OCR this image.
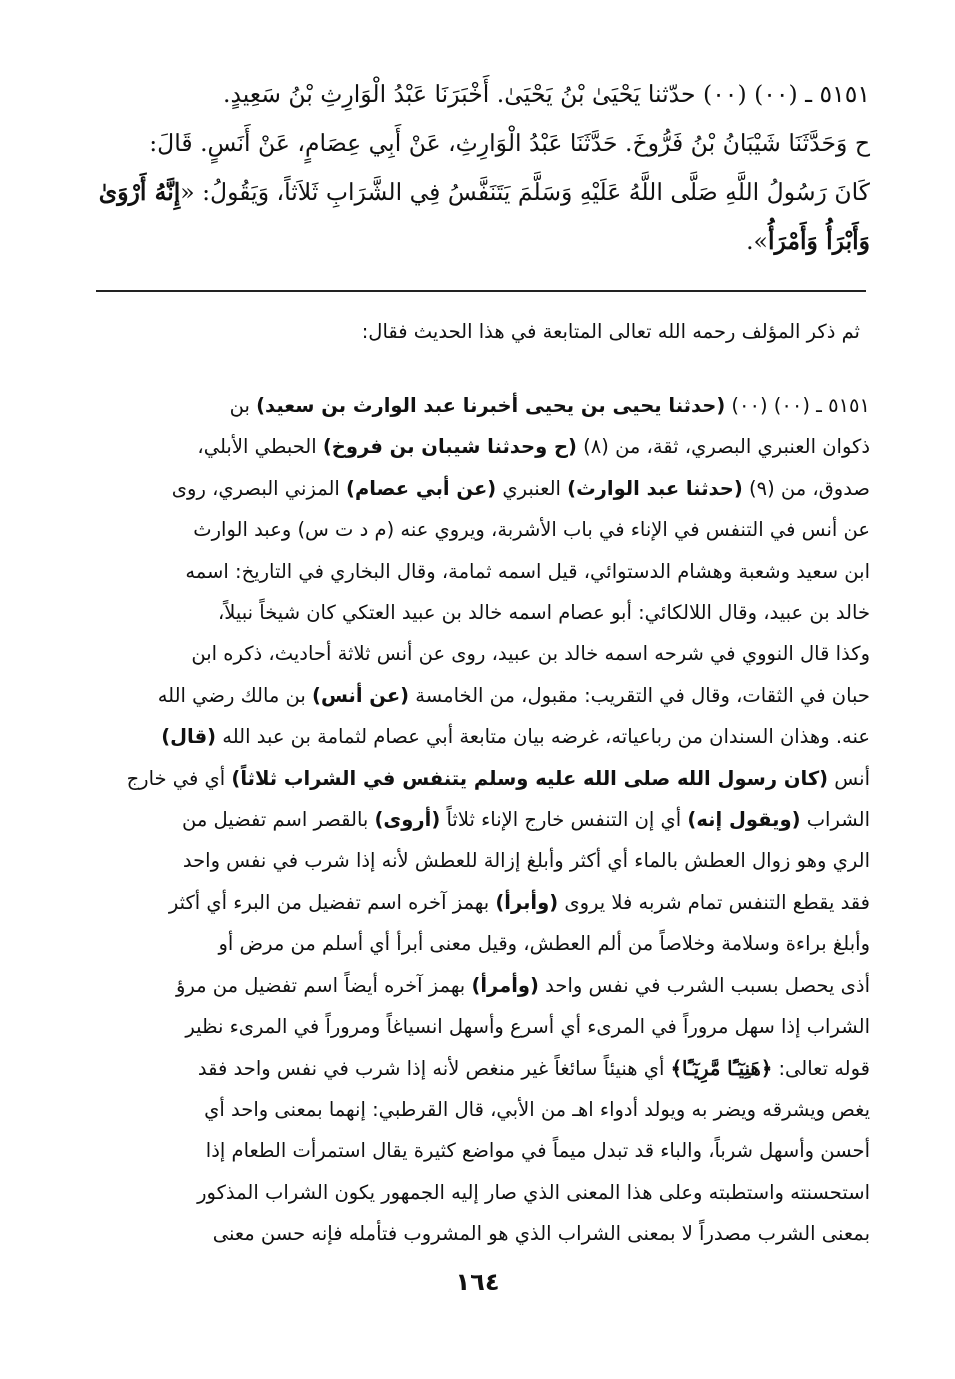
٥١٥١ ـ (٠٠) (٠٠) حدّثنا يَحْيَىٰ بْنُ يَحْيَىٰ. أَخْبَرَنَا عَبْدُ الْوَارِثِ بْنُ سَعِيدٍ.
ح وَحَدَّثَنَا شَيْبَانُ بْنُ فَرُّوخَ. حَدَّثَنَا عَبْدُ الْوَارِثِ، عَنْ أَبِي عِصَامٍ، عَنْ أَنَسٍ. قَالَ:
كَانَ رَسُولُ اللَّهِ صَلَّى اللَّهُ عَلَيْهِ وَسَلَّمَ يَتَنَفَّسُ فِي الشَّرَابِ ثَلاَثاً، وَيَقُولُ: «إِنَّهُ أَرْوَىٰ
وَأَبْرَأُ وَأَمْرَأُ».
ثم ذكر المؤلف رحمه الله تعالى المتابعة في هذا الحديث فقال:
٥١٥١ ـ (٠٠) (٠٠) (حدثنا يحيى بن يحيى أخبرنا عبد الوارث بن سعيد) بن
ذكوان العنبري البصري، ثقة، من (٨) (ح وحدثنا شيبان بن فروخ) الحبطي الأبلي،
صدوق، من (٩) (حدثنا عبد الوارث) العنبري (عن أبي عصام) المزني البصري، روى
عن أنس في التنفس في الإناء في باب الأشربة، ويروي عنه (م د ت س) وعبد الوارث
ابن سعيد وشعبة وهشام الدستوائي، قيل اسمه ثمامة، وقال البخاري في التاريخ: اسمه
خالد بن عبيد، وقال اللالكائي: أبو عصام اسمه خالد بن عبيد العتكي كان شيخاً نبيلاً،
وكذا قال النووي في شرحه اسمه خالد بن عبيد، روى عن أنس ثلاثة أحاديث، ذكره ابن
حبان في الثقات، وقال في التقريب: مقبول، من الخامسة (عن أنس) بن مالك رضي الله
عنه. وهذان السندان من رباعياته، غرضه بيان متابعة أبي عصام لثمامة بن عبد الله (قال)
أنس (كان رسول الله صلى الله عليه وسلم يتنفس في الشراب ثلاثاً) أي في خارج
الشراب (ويقول إنه) أي إن التنفس خارج الإناء ثلاثاً (أروى) بالقصر اسم تفضيل من
الري وهو زوال العطش بالماء أي أكثر وأبلغ إزالة للعطش لأنه إذا شرب في نفس واحد
فقد يقطع التنفس تمام شربه فلا يروى (وأبرأ) بهمز آخره اسم تفضيل من البرء أي أكثر
وأبلغ براءة وسلامة وخلاصاً من ألم العطش، وقيل معنى أبرأ أي أسلم من مرض أو
أذى يحصل بسبب الشرب في نفس واحد (وأمرأ) بهمز آخره أيضاً اسم تفضيل من مرؤ
الشراب إذا سهل مروراً في المرىء أي أسرع وأسهل انسياغاً ومروراً في المرىء نظير
قوله تعالى: ﴿هَنِيٓـًٔا مَّرِيٓـًٔا﴾ أي هنيئاً سائغاً غير منغص لأنه إذا شرب في نفس واحد فقد
يغص ويشرقه ويضر به ويولد أدواء اهـ من الأبي، قال القرطبي: إنهما بمعنى واحد أي
أحسن وأسهل شرباً، والباء قد تبدل ميماً في مواضع كثيرة يقال استمرأت الطعام إذا
استحسنته واستطبته وعلى هذا المعنى الذي صار إليه الجمهور يكون الشراب المذكور
بمعنى الشرب مصدراً لا بمعنى الشراب الذي هو المشروب فتأمله فإنه حسن معنى
١٦٤
